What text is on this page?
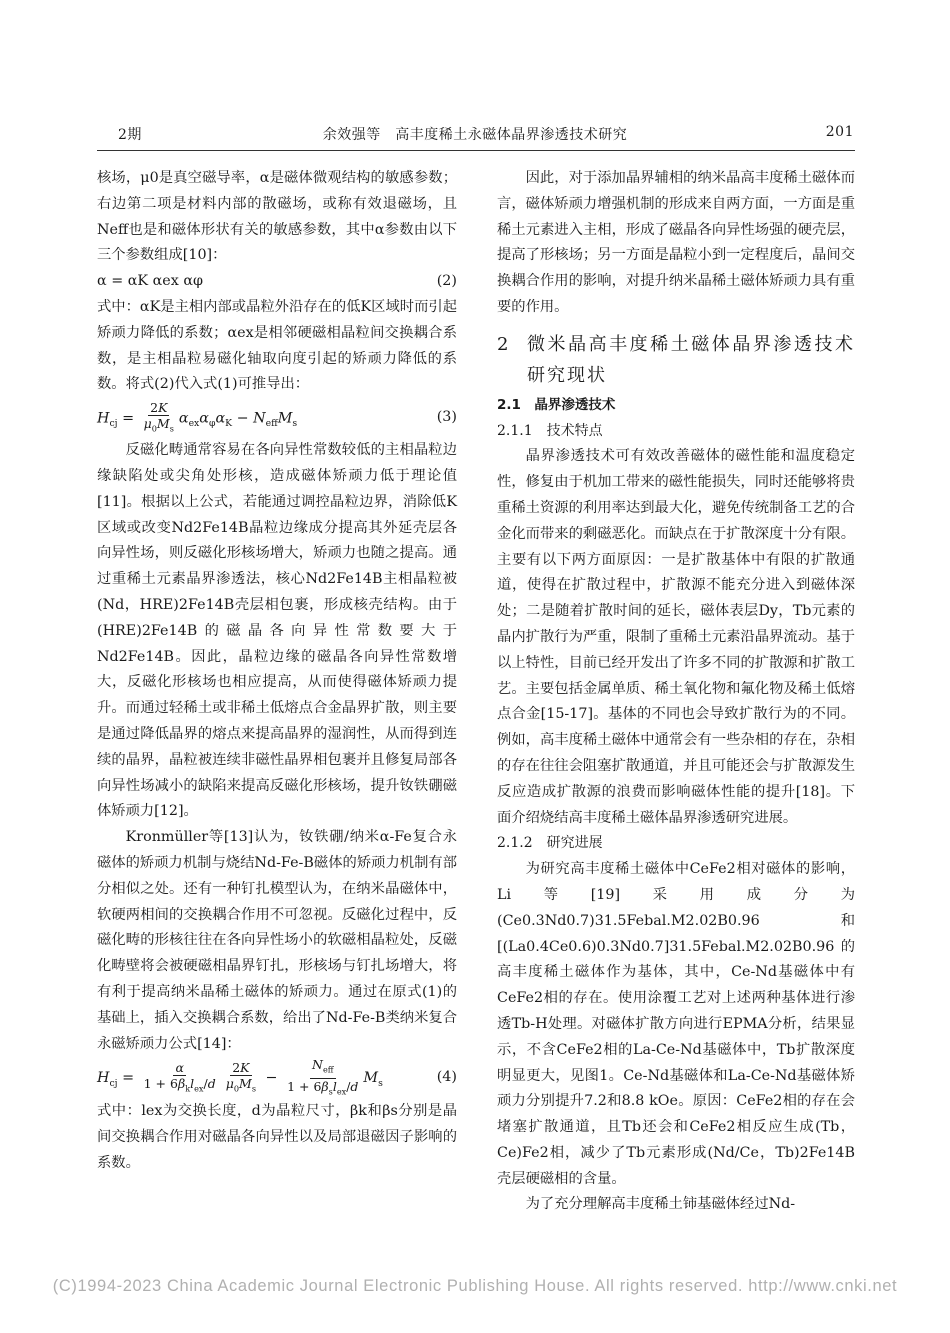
2期	余效强等　高丰度稀土永磁体晶界渗透技术研究	201

核场，μ0是真空磁导率，α是磁体微观结构的敏感参数；右边第二项是材料内部的散磁场，或称有效退磁场，且Neff也是和磁体形状有关的敏感参数，其中α参数由以下三个参数组成[10]：

α = αK αex αφ	(2)

式中：αK是主相内部或晶粒外沿存在的低K区域时而引起矫顽力降低的系数；αex是相邻硬磁相晶粒间交换耦合系数，是主相晶粒易磁化轴取向度引起的矫顽力降低的系数。将式(2)代入式(1)可推导出：

$H_{cj} = \frac{2K}{\mu_0M_s} \alpha_{ex}\alpha_\varphi\alpha_K - N_{eff}M_s$	(3)

反磁化畴通常容易在各向异性常数较低的主相晶粒边缘缺陷处或尖角处形核，造成磁体矫顽力低于理论值[11]。根据以上公式，若能通过调控晶粒边界，消除低K区域或改变Nd2Fe14B晶粒边缘成分提高其外延壳层各向异性场，则反磁化形核场增大，矫顽力也随之提高。通过重稀土元素晶界渗透法，核心Nd2Fe14B主相晶粒被(Nd，HRE)2Fe14B壳层相包裹，形成核壳结构。由于(HRE)2Fe14B的磁晶各向异性常数要大于Nd2Fe14B。因此，晶粒边缘的磁晶各向异性常数增大，反磁化形核场也相应提高，从而使得磁体矫顽力提升。而通过轻稀土或非稀土低熔点合金晶界扩散，则主要是通过降低晶界的熔点来提高晶界的湿润性，从而得到连续的晶界，晶粒被连续非磁性晶界相包裹并且修复局部各向异性场减小的缺陷来提高反磁化形核场，提升钕铁硼磁体矫顽力[12]。

Kronmüller等[13]认为，钕铁硼/纳米α-Fe复合永磁体的矫顽力机制与烧结Nd-Fe-B磁体的矫顽力机制有部分相似之处。还有一种钉扎模型认为，在纳米晶磁体中，软硬两相间的交换耦合作用不可忽视。反磁化过程中，反磁化畴的形核往往在各向异性场小的软磁相晶粒处，反磁化畴壁将会被硬磁相晶界钉扎，形核场与钉扎场增大，将有利于提高纳米晶稀土磁体的矫顽力。通过在原式(1)的基础上，插入交换耦合系数，给出了Nd-Fe-B类纳米复合永磁矫顽力公式[14]：

$H_{cj} = \frac{\alpha}{1 + 6\beta_kl_{ex}/d} \frac{2K}{\mu_0M_s} - \frac{N_{eff}}{1 + 6\beta_sl_{ex}/d} M_s$	(4)

式中：lex为交换长度，d为晶粒尺寸，βk和βs分别是晶间交换耦合作用对磁晶各向异性以及局部退磁因子影响的系数。

因此，对于添加晶界辅相的纳米晶高丰度稀土磁体而言，磁体矫顽力增强机制的形成来自两方面，一方面是重稀土元素进入主相，形成了磁晶各向异性场强的硬壳层，提高了形核场；另一方面是晶粒小到一定程度后，晶间交换耦合作用的影响，对提升纳米晶稀土磁体矫顽力具有重要的作用。

2	微米晶高丰度稀土磁体晶界渗透技术研究现状

2.1　晶界渗透技术

2.1.1　技术特点

晶界渗透技术可有效改善磁体的磁性能和温度稳定性，修复由于机加工带来的磁性能损失，同时还能够将贵重稀土资源的利用率达到最大化，避免传统制备工艺的合金化而带来的剩磁恶化。而缺点在于扩散深度十分有限。主要有以下两方面原因：一是扩散基体中有限的扩散通道，使得在扩散过程中，扩散源不能充分进入到磁体深处；二是随着扩散时间的延长，磁体表层Dy，Tb元素的晶内扩散行为严重，限制了重稀土元素沿晶界流动。基于以上特性，目前已经开发出了许多不同的扩散源和扩散工艺。主要包括金属单质、稀土氧化物和氟化物及稀土低熔点合金[15-17]。基体的不同也会导致扩散行为的不同。例如，高丰度稀土磁体中通常会有一些杂相的存在，杂相的存在往往会阻塞扩散通道，并且可能还会与扩散源发生反应造成扩散源的浪费而影响磁体性能的提升[18]。下面介绍烧结高丰度稀土磁体晶界渗透研究进展。

2.1.2　研究进展

为研究高丰度稀土磁体中CeFe2相对磁体的影响，Li等[19]采用成分为(Ce0.3Nd0.7)31.5Febal.M2.02B0.96和[(La0.4Ce0.6)0.3Nd0.7]31.5Febal.M2.02B0.96的高丰度稀土磁体作为基体，其中，Ce-Nd基磁体中有CeFe2相的存在。使用涂覆工艺对上述两种基体进行渗透Tb-H处理。对磁体扩散方向进行EPMA分析，结果显示，不含CeFe2相的La-Ce-Nd基磁体中，Tb扩散深度明显更大，见图1。Ce-Nd基磁体和La-Ce-Nd基磁体矫顽力分别提升7.2和8.8 kOe。原因：CeFe2相的存在会堵塞扩散通道，且Tb还会和CeFe2相反应生成(Tb，Ce)Fe2相，减少了Tb元素形成(Nd/Ce，Tb)2Fe14B壳层硬磁相的含量。

为了充分理解高丰度稀土铈基磁体经过Nd-

(C)1994-2023 China Academic Journal Electronic Publishing House. All rights reserved. http://www.cnki.net
